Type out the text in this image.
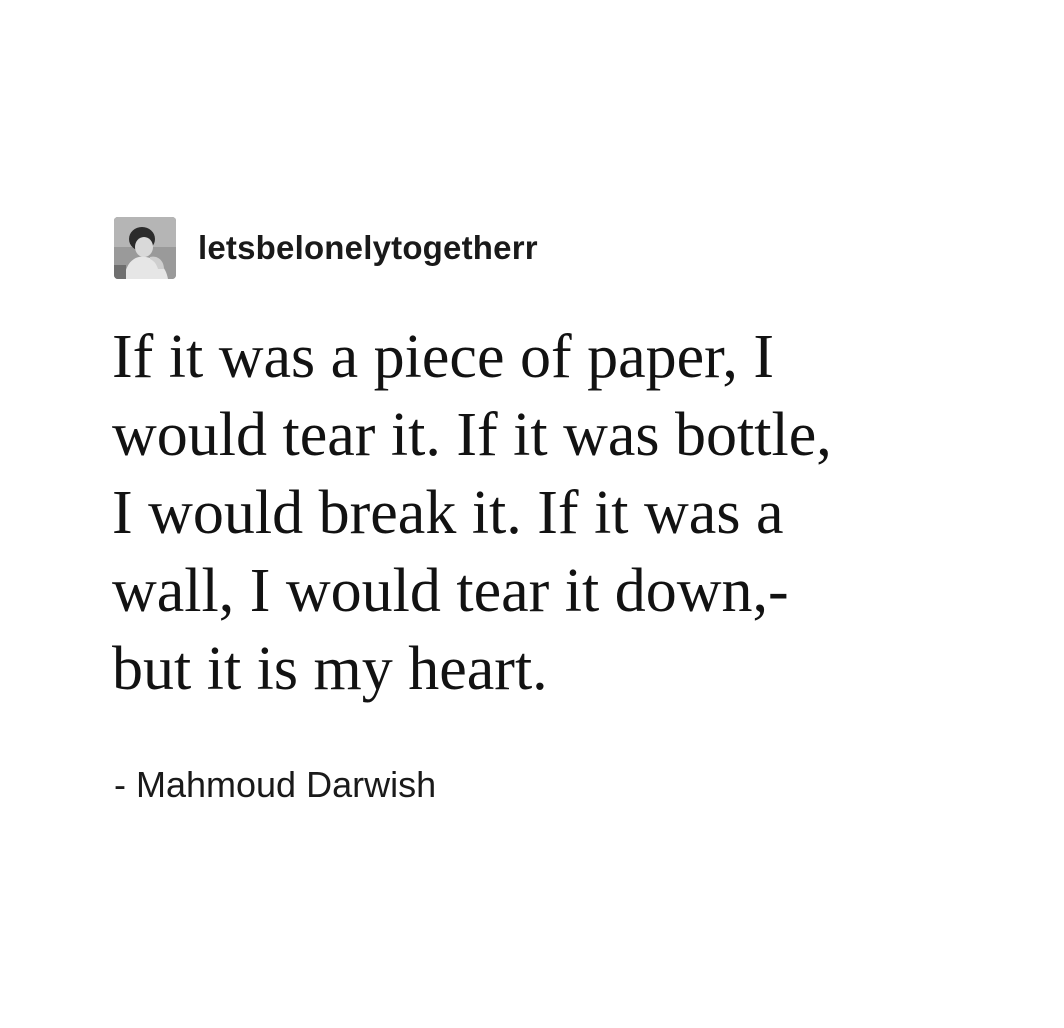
letsbelonelytogetherr
If it was a piece of paper, I
would tear it. If it was bottle,
I would break it. If it was a
wall, I would tear it down,-
but it is my heart.
- Mahmoud Darwish
